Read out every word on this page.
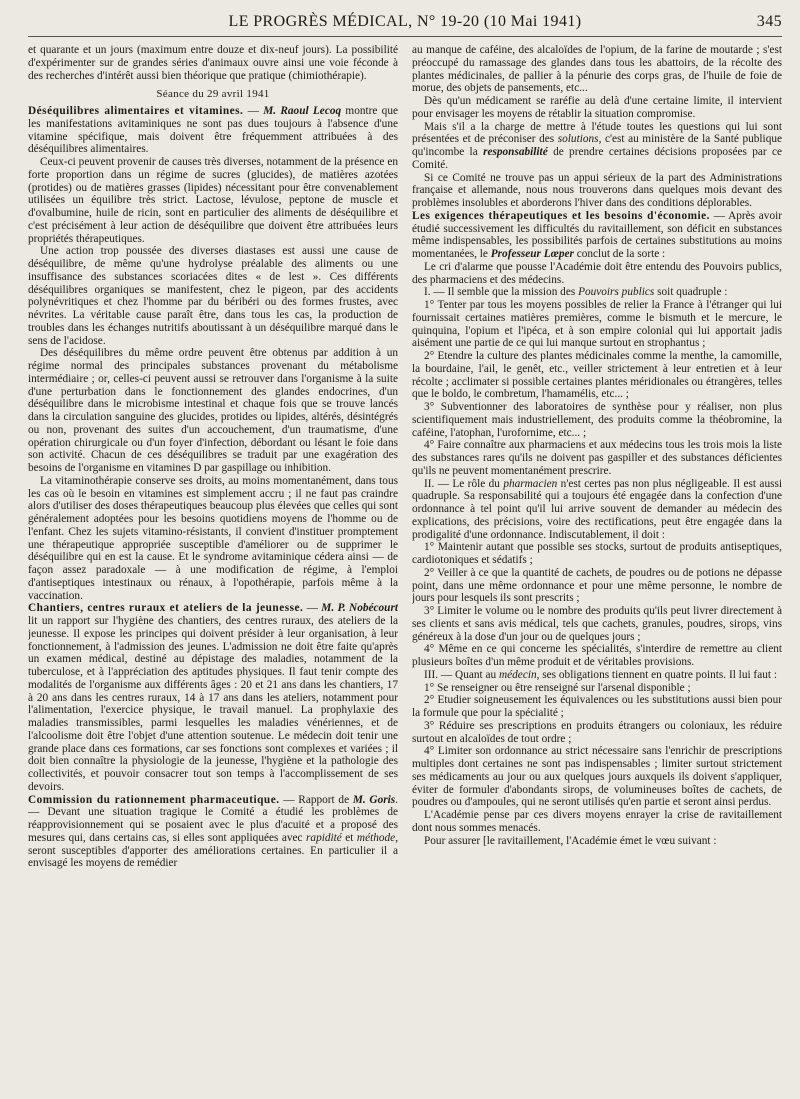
LE PROGRÈS MÉDICAL, N° 19-20 (10 Mai 1941)	345

et quarante et un jours (maximum entre douze et dix-neuf jours). La possibilité d'expérimenter sur de grandes séries d'animaux ouvre ainsi une voie féconde à des recherches d'intérêt aussi bien théorique que pratique (chimiothérapie).

Séance du 29 avril 1941

Déséquilibres alimentaires et vitamines. — M. Raoul Lecoq montre que les manifestations avitaminiques ne sont pas dues toujours à l'absence d'une vitamine spécifique, mais doivent être fréquemment attribuées à des déséquilibres alimentaires.

Ceux-ci peuvent provenir de causes très diverses, notamment de la présence en forte proportion dans un régime de sucres (glucides), de matières azotées (protides) ou de matières grasses (lipides) nécessitant pour être convenablement utilisées un équilibre très strict. Lactose, lévulose, peptone de muscle et d'ovalbumine, huile de ricin, sont en particulier des aliments de déséquilibre et c'est précisément à leur action de déséquilibre que doivent être attribuées leurs propriétés thérapeutiques.

Une action trop poussée des diverses diastases est aussi une cause de déséquilibre, de même qu'une hydrolyse préalable des aliments ou une insuffisance des substances scoriacées dites « de lest ». Ces différents déséquilibres organiques se manifestent, chez le pigeon, par des accidents polynévritiques et chez l'homme par du béribéri ou des formes frustes, avec névrites. La véritable cause paraît être, dans tous les cas, la production de troubles dans les échanges nutritifs aboutissant à un déséquilibre marqué dans le sens de l'acidose.

Des déséquilibres du même ordre peuvent être obtenus par addition à un régime normal des principales substances provenant du métabolisme intermédiaire ; or, celles-ci peuvent aussi se retrouver dans l'organisme à la suite d'une perturbation dans le fonctionnement des glandes endocrines, d'un déséquilibre dans le microbisme intestinal et chaque fois que se trouve lancés dans la circulation sanguine des glucides, protides ou lipides, altérés, désintégrés ou non, provenant des suites d'un accouchement, d'un traumatisme, d'une opération chirurgicale ou d'un foyer d'infection, débordant ou lésant le foie dans son activité. Chacun de ces déséquilibres se traduit par une exagération des besoins de l'organisme en vitamines D par gaspillage ou inhibition.

La vitaminothérapie conserve ses droits, au moins momentanément, dans tous les cas où le besoin en vitamines est simplement accru ; il ne faut pas craindre alors d'utiliser des doses thérapeutiques beaucoup plus élevées que celles qui sont généralement adoptées pour les besoins quotidiens moyens de l'homme ou de l'enfant. Chez les sujets vitamino-résistants, il convient d'instituer promptement une thérapeutique appropriée susceptible d'améliorer ou de supprimer le déséquilibre qui en est la cause. Et le syndrome avitaminique cédera ainsi — de façon assez paradoxale — à une modification de régime, à l'emploi d'antiseptiques intestinaux ou rénaux, à l'opothérapie, parfois même à la vaccination.

Chantiers, centres ruraux et ateliers de la jeunesse. — M. P. Nobécourt lit un rapport sur l'hygiène des chantiers, des centres ruraux, des ateliers de la jeunesse. Il expose les principes qui doivent présider à leur organisation, à leur fonctionnement, à l'admission des jeunes. L'admission ne doit être faite qu'après un examen médical, destiné au dépistage des maladies, notamment de la tuberculose, et à l'appréciation des aptitudes physiques. Il faut tenir compte des modalités de l'organisme aux différents âges : 20 et 21 ans dans les chantiers, 17 à 20 ans dans les centres ruraux, 14 à 17 ans dans les ateliers, notamment pour l'alimentation, l'exercice physique, le travail manuel. La prophylaxie des maladies transmissibles, parmi lesquelles les maladies vénériennes, et de l'alcoolisme doit être l'objet d'une attention soutenue. Le médecin doit tenir une grande place dans ces formations, car ses fonctions sont complexes et variées ; il doit bien connaître la physiologie de la jeunesse, l'hygiène et la pathologie des collectivités, et pouvoir consacrer tout son temps à l'accomplissement de ses devoirs.

Commission du rationnement pharmaceutique. — Rapport de M. Goris. — Devant une situation tragique le Comité a étudié les problèmes de réapprovisionnement qui se posaient avec le plus d'acuité et a proposé des mesures qui, dans certains cas, si elles sont appliquées avec rapidité et méthode, seront susceptibles d'apporter des améliorations certaines. En particulier il a envisagé les moyens de remédier

au manque de caféine, des alcaloïdes de l'opium, de la farine de moutarde ; s'est préoccupé du ramassage des glandes dans tous les abattoirs, de la récolte des plantes médicinales, de pallier à la pénurie des corps gras, de l'huile de foie de morue, des objets de pansements, etc...

Dès qu'un médicament se raréfie au delà d'une certaine limite, il intervient pour envisager les moyens de rétablir la situation compromise.

Mais s'il a la charge de mettre à l'étude toutes les questions qui lui sont présentées et de préconiser des solutions, c'est au ministère de la Santé publique qu'incombe la responsabilité de prendre certaines décisions proposées par ce Comité.

Si ce Comité ne trouve pas un appui sérieux de la part des Administrations française et allemande, nous nous trouverons dans quelques mois devant des problèmes insolubles et aborderons l'hiver dans des conditions déplorables.

Les exigences thérapeutiques et les besoins d'économie. — Après avoir étudié successivement les difficultés du ravitaillement, son déficit en substances même indispensables, les possibilités parfois de certaines substitutions au moins momentanées, le Professeur Lœper conclut de la sorte :

Le cri d'alarme que pousse l'Académie doit être entendu des Pouvoirs publics, des pharmaciens et des médecins.

I. — Il semble que la mission des Pouvoirs publics soit quadruple :

1° Tenter par tous les moyens possibles de relier la France à l'étranger qui lui fournissait certaines matières premières, comme le bismuth et le mercure, le quinquina, l'opium et l'ipéca, et à son empire colonial qui lui apportait jadis aisément une partie de ce qui lui manque surtout en strophantus ;

2° Etendre la culture des plantes médicinales comme la menthe, la camomille, la bourdaine, l'ail, le genêt, etc., veiller strictement à leur entretien et à leur récolte ; acclimater si possible certaines plantes méridionales ou étrangères, telles que le boldo, le combretum, l'hamamélis, etc... ;

3° Subventionner des laboratoires de synthèse pour y réaliser, non plus scientifiquement mais industriellement, des produits comme la théobromine, la caféine, l'atophan, l'urofornime, etc... ;

4° Faire connaître aux pharmaciens et aux médecins tous les trois mois la liste des substances rares qu'ils ne doivent pas gaspiller et des substances déficientes qu'ils ne peuvent momentanément prescrire.

II. — Le rôle du pharmacien n'est certes pas non plus négligeable. Il est aussi quadruple. Sa responsabilité qui a toujours été engagée dans la confection d'une ordonnance à tel point qu'il lui arrive souvent de demander au médecin des explications, des précisions, voire des rectifications, peut être engagée dans la prodigalité d'une ordonnance. Indiscutablement, il doit :

1° Maintenir autant que possible ses stocks, surtout de produits antiseptiques, cardiotoniques et sédatifs ;

2° Veiller à ce que la quantité de cachets, de poudres ou de potions ne dépasse point, dans une même ordonnance et pour une même personne, le nombre de jours pour lesquels ils sont prescrits ;

3° Limiter le volume ou le nombre des produits qu'ils peut livrer directement à ses clients et sans avis médical, tels que cachets, granules, poudres, sirops, vins généreux à la dose d'un jour ou de quelques jours ;

4° Même en ce qui concerne les spécialités, s'interdire de remettre au client plusieurs boîtes d'un même produit et de véritables provisions.

III. — Quant au médecin, ses obligations tiennent en quatre points. Il lui faut :

1° Se renseigner ou être renseigné sur l'arsenal disponible ;

2° Etudier soigneusement les équivalences ou les substitutions aussi bien pour la formule que pour la spécialité ;

3° Réduire ses prescriptions en produits étrangers ou coloniaux, les réduire surtout en alcaloïdes de tout ordre ;

4° Limiter son ordonnance au strict nécessaire sans l'enrichir de prescriptions multiples dont certaines ne sont pas indispensables ; limiter surtout strictement ses médicaments au jour ou aux quelques jours auxquels ils doivent s'appliquer, éviter de formuler d'abondants sirops, de volumineuses boîtes de cachets, de poudres ou d'ampoules, qui ne seront utilisés qu'en partie et seront ainsi perdus.

L'Académie pense par ces divers moyens enrayer la crise de ravitaillement dont nous sommes menacés.

Pour assurer [le ravitaillement, l'Académie émet le vœu suivant :
